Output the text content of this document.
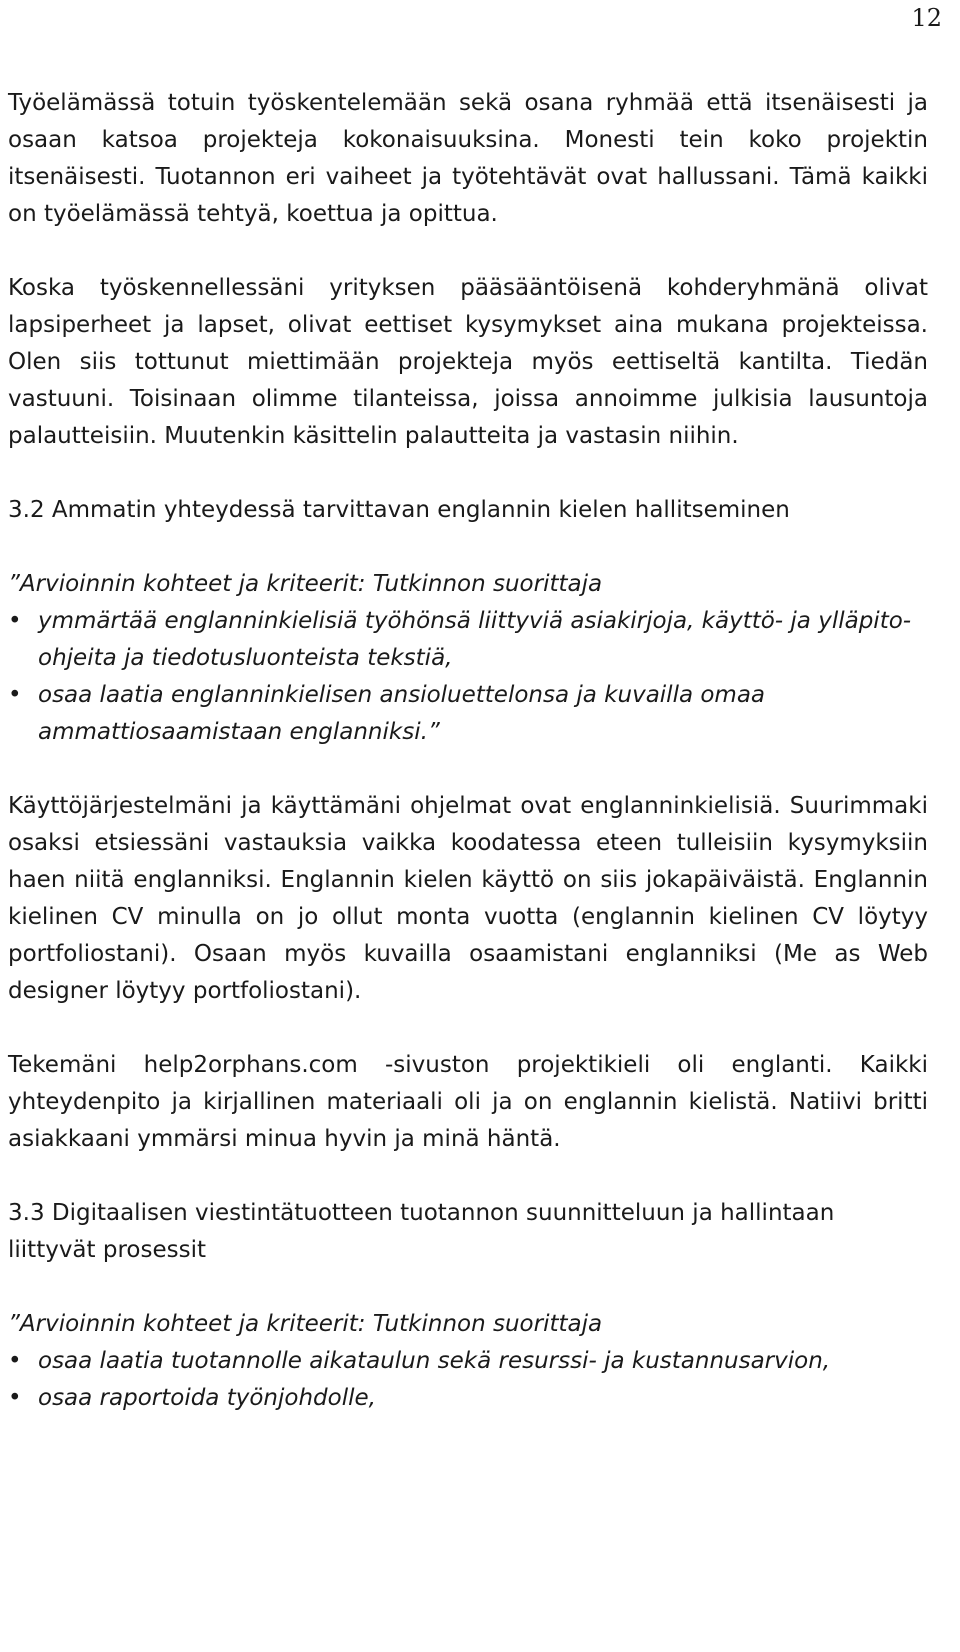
12

Työelämässä totuin työskentelemään sekä osana ryhmää että itsenäisesti ja osaan katsoa projekteja kokonaisuuksina. Monesti tein koko projektin itsenäisesti. Tuotannon eri vaiheet ja työtehtävät ovat hallussani. Tämä kaikki on työelämässä tehtyä, koettua ja opittua.

Koska työskennellessäni yrityksen pääsääntöisenä kohderyhmänä olivat lapsiperheet ja lapset, olivat eettiset kysymykset aina mukana projekteissa. Olen siis tottunut miettimään projekteja myös eettiseltä kantilta. Tiedän vastuuni. Toisinaan olimme tilanteissa, joissa annoimme julkisia lausuntoja palautteisiin. Muutenkin käsittelin palautteita ja vastasin niihin.

3.2 Ammatin yhteydessä tarvittavan englannin kielen hallitseminen

”Arvioinnin kohteet ja kriteerit: Tutkinnon suorittaja

• ymmärtää englanninkielisiä työhönsä liittyviä asiakirjoja, käyttö- ja ylläpito-ohjeita ja tiedotusluonteista tekstiä,
• osaa laatia englanninkielisen ansioluettelonsa ja kuvailla omaa ammattiosaamistaan englanniksi.”

Käyttöjärjestelmäni ja käyttämäni ohjelmat ovat englanninkielisiä. Suurimmaki osaksi etsiessäni vastauksia vaikka koodatessa eteen tulleisiin kysymyksiin haen niitä englanniksi. Englannin kielen käyttö on siis jokapäiväistä. Englannin kielinen CV minulla on jo ollut monta vuotta (englannin kielinen CV löytyy portfoliostani). Osaan myös kuvailla osaamistani englanniksi (Me as Web designer löytyy portfoliostani).

Tekemäni help2orphans.com -sivuston projektikieli oli englanti. Kaikki yhteydenpito ja kirjallinen materiaali oli ja on englannin kielistä. Natiivi britti asiakkaani ymmärsi minua hyvin ja minä häntä.

3.3 Digitaalisen viestintätuotteen tuotannon suunnitteluun ja hallintaan liittyvät prosessit

”Arvioinnin kohteet ja kriteerit: Tutkinnon suorittaja

• osaa laatia tuotannolle aikataulun sekä resurssi- ja kustannusarvion,
• osaa raportoida työnjohdolle,
